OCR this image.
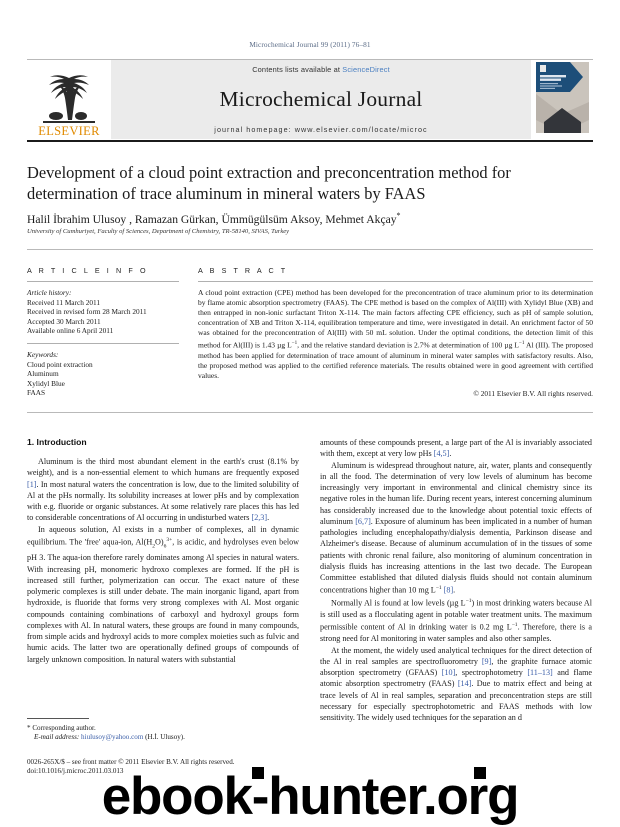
Microchemical Journal 99 (2011) 76–81
ELSEVIER
Contents lists available at ScienceDirect
Microchemical Journal
journal homepage: www.elsevier.com/locate/microc
Development of a cloud point extraction and preconcentration method for determination of trace aluminum in mineral waters by FAAS
Halil İbrahim Ulusoy , Ramazan Gürkan, Ümmügülsüm Aksoy, Mehmet Akçay*
University of Cumhuriyet, Faculty of Sciences, Department of Chemistry, TR-58140, SIVAS, Turkey
A R T I C L E I N F O
Article history:
Received 11 March 2011
Received in revised form 28 March 2011
Accepted 30 March 2011
Available online 6 April 2011
Keywords:
Cloud point extraction
Aluminum
Xylidyl Blue
FAAS
A B S T R A C T
A cloud point extraction (CPE) method has been developed for the preconcentration of trace aluminum prior to its determination by flame atomic absorption spectrometry (FAAS). The CPE method is based on the complex of Al(III) with Xylidyl Blue (XB) and then entrapped in non-ionic surfactant Triton X-114. The main factors affecting CPE efficiency, such as pH of sample solution, concentration of XB and Triton X-114, equilibration temperature and time, were investigated in detail. An enrichment factor of 50 was obtained for the preconcentration of Al(III) with 50 mL solution. Under the optimal conditions, the detection limit of this method for Al(III) is 1.43 µg $L^{-1}$, and the relative standard deviation is 2.7% at determination of 100 µg $L^{-1}$ Al (III). The proposed method has been applied for determination of trace amount of aluminum in mineral water samples with satisfactory results. Also, the proposed method was applied to the certified reference materials. The results obtained were in good agreement with certified values.
© 2011 Elsevier B.V. All rights reserved.
1. Introduction

Aluminum is the third most abundant element in the earth's crust (8.1% by weight), and is a non-essential element to which humans are frequently exposed [1]. In most natural waters the concentration is low, due to the limited solubility of Al at the pHs normally. Its solubility increases at lower pHs and by complexation with e.g. fluoride or organic substances. At some relatively rare places this has led to considerable concentrations of Al occurring in undisturbed waters [2,3].

In aqueous solution, Al exists in a number of complexes, all in dynamic equilibrium. The 'free' aqua-ion, $Al(H_2O)_6^{3+}$, is acidic, and hydrolyses even below pH 3. The aqua-ion therefore rarely dominates among Al species in natural waters. With increasing pH, monomeric hydroxo complexes are formed. If the pH is increased still further, polymerization can occur. The exact nature of these polymeric complexes is still under debate. The main inorganic ligand, apart from hydroxide, is fluoride that forms very strong complexes with Al. Most organic compounds containing combinations of carboxyl and hydroxyl groups form complexes with Al. In natural waters, these groups are found in many compounds, from simple acids and hydroxyl acids to more complex moieties such as fulvic and humic acids. The latter two are operationally defined groups of compounds of largely unknown composition. In natural waters with substantial

amounts of these compounds present, a large part of the Al is invariably associated with them, except at very low pHs [4,5].

Aluminum is widespread throughout nature, air, water, plants and consequently in all the food. The determination of very low levels of aluminum has become increasingly very important in environmental and clinical chemistry since its negative roles in the human life. During recent years, interest concerning aluminum has considerably increased due to the knowledge about potential toxic effects of aluminum [6,7]. Exposure of aluminum has been implicated in a number of human pathologies including encephalopathy/dialysis dementia, Parkinson disease and Alzheimer's disease. Because of aluminum accumulation of in the tissues of some patients with chronic renal failure, also monitoring of aluminum concentration in dialysis fluids has increasing attentions in the last two decade. The European Committee established that diluted dialysis fluids should not contain aluminum concentrations higher than 10 mg $L^{-1}$ [8].

Normally Al is found at low levels (µg $L^{-1}$) in most drinking waters because Al is still used as a flocculating agent in potable water treatment units. The maximum permissible content of Al in drinking water is 0.2 mg $L^{-1}$. Therefore, there is a strong need for Al monitoring in water samples and also other samples.

At the moment, the widely used analytical techniques for the direct detection of the Al in real samples are spectrofluorometry [9], the graphite furnace atomic absorption spectrometry (GFAAS) [10], spectrophotometry [11–13] and flame atomic absorption spectrometry (FAAS) [14]. Due to matrix effect and being at trace levels of Al in real samples, separation and preconcentration steps are still necessary for especially spectrophotometric and FAAS methods with low sensitivity. The widely used techniques for the separation an d

* Corresponding author.
E-mail address: hiulusoy@yahoo.com (H.İ. Ulusoy).
0026-265X/$ – see front matter © 2011 Elsevier B.V. All rights reserved.
doi:10.1016/j.microc.2011.03.013
ebook-hunter.org
